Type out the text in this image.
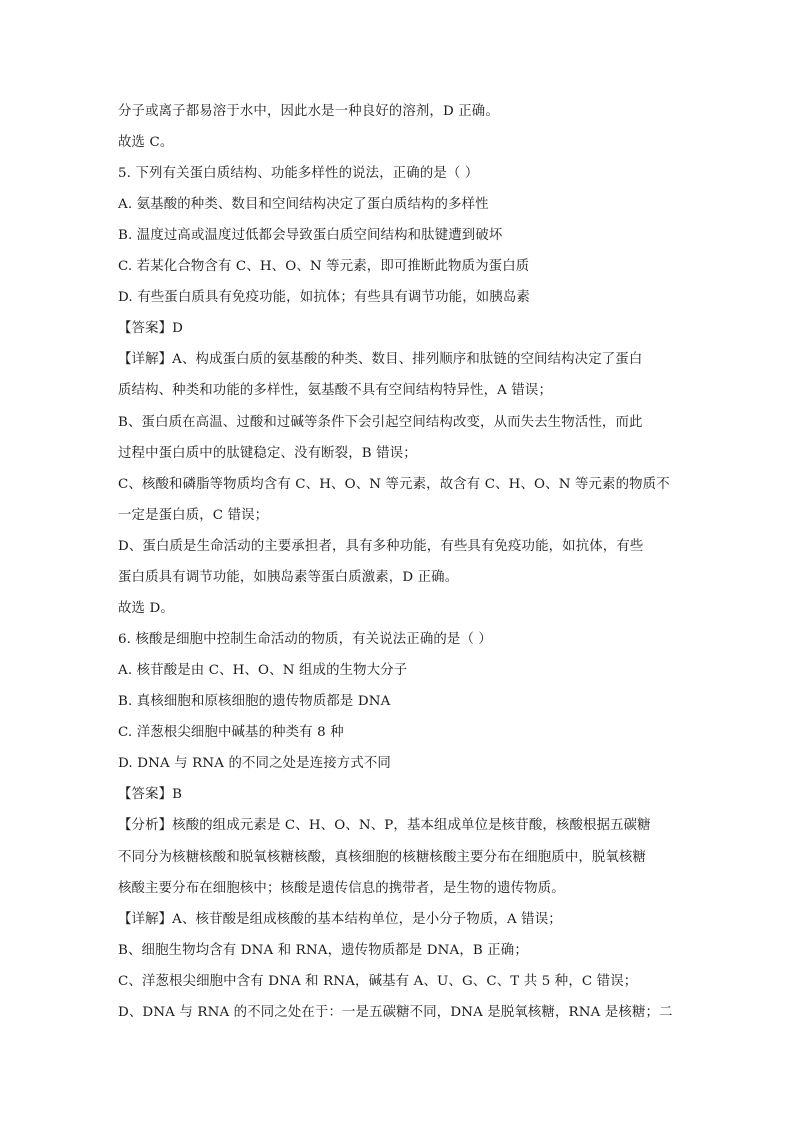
分子或离子都易溶于水中，因此水是一种良好的溶剂，D 正确。
故选 C。
5. 下列有关蛋白质结构、功能多样性的说法，正确的是（ ）
A. 氨基酸的种类、数目和空间结构决定了蛋白质结构的多样性
B. 温度过高或温度过低都会导致蛋白质空间结构和肽键遭到破坏
C. 若某化合物含有 C、H、O、N 等元素，即可推断此物质为蛋白质
D. 有些蛋白质具有免疫功能，如抗体；有些具有调节功能，如胰岛素
【答案】D
【详解】A、构成蛋白质的氨基酸的种类、数目、排列顺序和肽链的空间结构决定了蛋白
质结构、种类和功能的多样性，氨基酸不具有空间结构特异性，A 错误；
B、蛋白质在高温、过酸和过碱等条件下会引起空间结构改变，从而失去生物活性，而此
过程中蛋白质中的肽键稳定、没有断裂，B 错误；
C、核酸和磷脂等物质均含有 C、H、O、N 等元素，故含有 C、H、O、N 等元素的物质不
一定是蛋白质，C 错误；
D、蛋白质是生命活动的主要承担者，具有多种功能，有些具有免疫功能，如抗体，有些
蛋白质具有调节功能，如胰岛素等蛋白质激素，D 正确。
故选 D。
6. 核酸是细胞中控制生命活动的物质，有关说法正确的是（ ）
A. 核苷酸是由 C、H、O、N 组成的生物大分子
B. 真核细胞和原核细胞的遗传物质都是 DNA
C. 洋葱根尖细胞中碱基的种类有 8 种
D. DNA 与 RNA 的不同之处是连接方式不同
【答案】B
【分析】核酸的组成元素是 C、H、O、N、P，基本组成单位是核苷酸，核酸根据五碳糖
不同分为核糖核酸和脱氧核糖核酸，真核细胞的核糖核酸主要分布在细胞质中，脱氧核糖
核酸主要分布在细胞核中；核酸是遗传信息的携带者，是生物的遗传物质。
【详解】A、核苷酸是组成核酸的基本结构单位，是小分子物质，A 错误；
B、细胞生物均含有 DNA 和 RNA，遗传物质都是 DNA，B 正确；
C、洋葱根尖细胞中含有 DNA 和 RNA，碱基有 A、U、G、C、T 共 5 种，C 错误；
D、DNA 与 RNA 的不同之处在于：一是五碳糖不同，DNA 是脱氧核糖，RNA 是核糖；二
